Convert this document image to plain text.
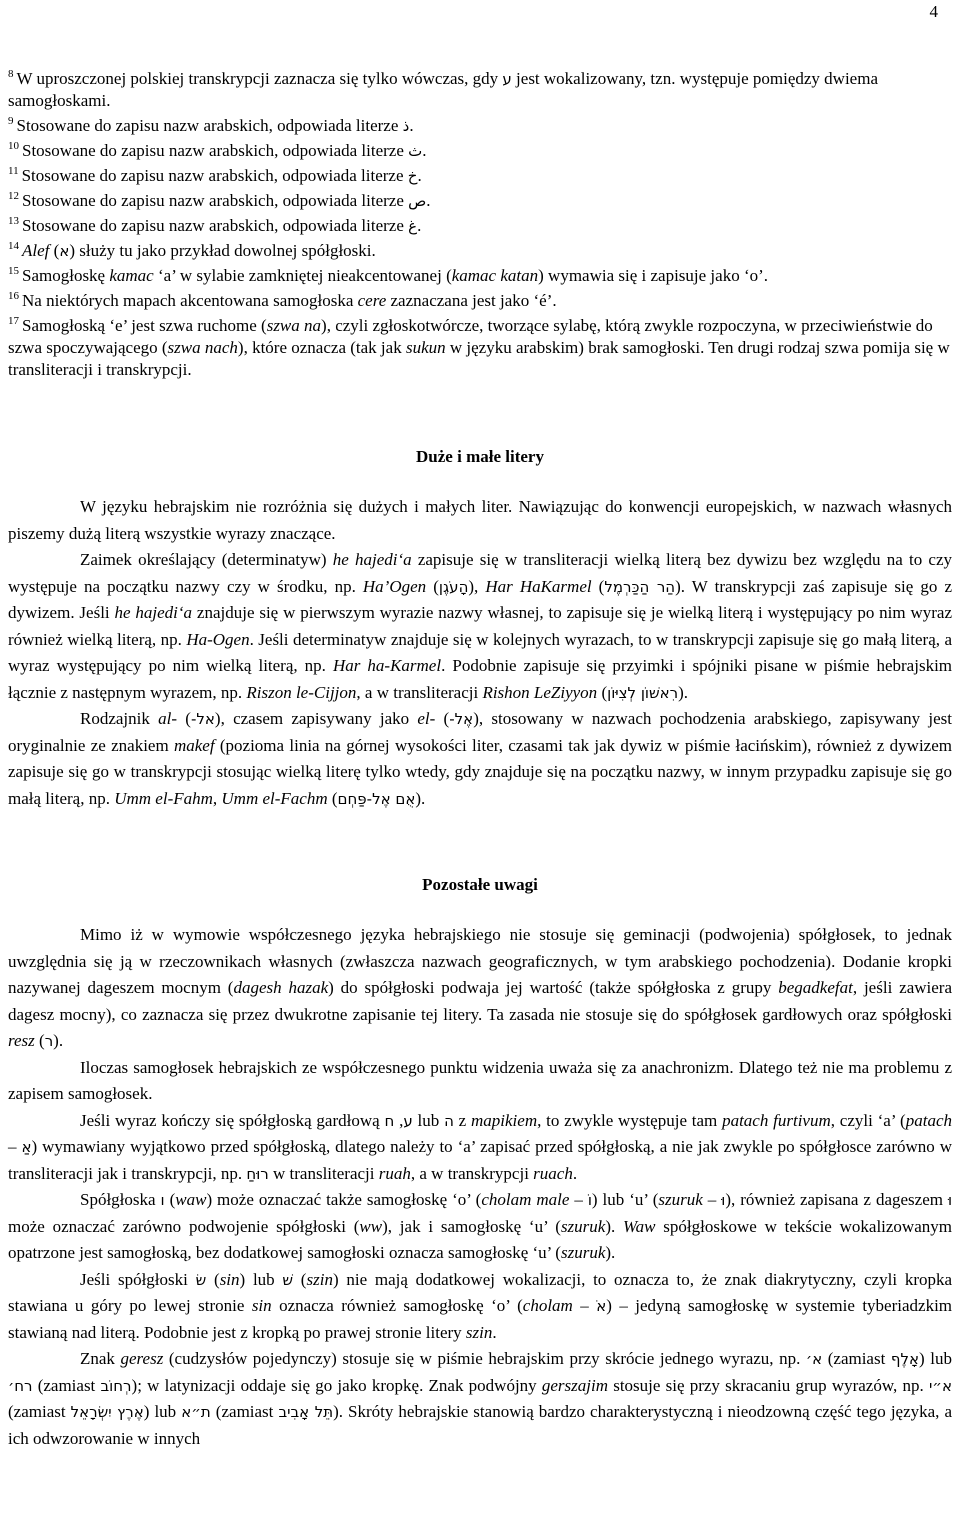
4
$^8$ W uproszczonej polskiej transkrypcji zaznacza się tylko wówczas, gdy ע jest wokalizowany, tzn. występuje pomiędzy dwiema samogłoskami.
$^9$ Stosowane do zapisu nazw arabskich, odpowiada literze ذ.
$^{10}$ Stosowane do zapisu nazw arabskich, odpowiada literze ث.
$^{11}$ Stosowane do zapisu nazw arabskich, odpowiada literze خ.
$^{12}$ Stosowane do zapisu nazw arabskich, odpowiada literze ص.
$^{13}$ Stosowane do zapisu nazw arabskich, odpowiada literze غ.
$^{14}$ Alef (א) służy tu jako przykład dowolnej spółgłoski.
$^{15}$ Samogłoskę kamac ‘a’ w sylabie zamkniętej nieakcentowanej (kamac katan) wymawia się i zapisuje jako ‘o’.
$^{16}$ Na niektórych mapach akcentowana samogłoska cere zaznaczana jest jako ‘é’.
$^{17}$ Samogłoską ‘e’ jest szwa ruchome (szwa na), czyli zgłoskotwórcze, tworzące sylabę, którą zwykle rozpoczyna, w przeciwieństwie do szwa spoczywającego (szwa nach), które oznacza (tak jak sukun w języku arabskim) brak samogłoski. Ten drugi rodzaj szwa pomija się w transliteracji i transkrypcji.
Duże i małe litery

W języku hebrajskim nie rozróżnia się dużych i małych liter. Nawiązując do konwencji europejskich, w nazwach własnych piszemy dużą literą wszystkie wyrazy znaczące.

Zaimek określający (determinatyw) he hajedi‘a zapisuje się w transliteracji wielką literą bez dywizu bez względu na to czy występuje na początku nazwy czy w środku, np. Ha’Ogen (הָעֹגֶן), Har HaKarmel (הַר הַכַּרְמֶל). W transkrypcji zaś zapisuje się go z dywizem. Jeśli he hajedi‘a znajduje się w pierwszym wyrazie nazwy własnej, to zapisuje się je wielką literą i występujący po nim wyraz również wielką literą, np. Ha-Ogen. Jeśli determinatyw znajduje się w kolejnych wyrazach, to w transkrypcji zapisuje się go małą literą, a wyraz występujący po nim wielką literą, np. Har ha-Karmel. Podobnie zapisuje się przyimki i spójniki pisane w piśmie hebrajskim łącznie z następnym wyrazem, np. Riszon le-Cijjon, a w transliteracji Rishon LeZiyyon (רִאשׁוֹן לְצִיּוֹן).

Rodzajnik al- (-אל), czasem zapisywany jako el- (-אֶל), stosowany w nazwach pochodzenia arabskiego, zapisywany jest oryginalnie ze znakiem makef (pozioma linia na górnej wysokości liter, czasami tak jak dywiz w piśmie łacińskim), również z dywizem zapisuje się go w transkrypcji stosując wielką literę tylko wtedy, gdy znajduje się na początku nazwy, w innym przypadku zapisuje się go małą literą, np. Umm el-Fahm, Umm el-Fachm (אֻם אֶל-פַּחְם).

Pozostałe uwagi

Mimo iż w wymowie współczesnego języka hebrajskiego nie stosuje się geminacji (podwojenia) spółgłosek, to jednak uwzględnia się ją w rzeczownikach własnych (zwłaszcza nazwach geograficznych, w tym arabskiego pochodzenia). Dodanie kropki nazywanej dageszem mocnym (dagesh hazak) do spółgłoski podwaja jej wartość (także spółgłoska z grupy begadkefat, jeśli zawiera dagesz mocny), co zaznacza się przez dwukrotne zapisanie tej litery. Ta zasada nie stosuje się do spółgłosek gardłowych oraz spółgłoski resz (ר).

Iloczas samogłosek hebrajskich ze współczesnego punktu widzenia uważa się za anachronizm. Dlatego też nie ma problemu z zapisem samogłosek.

Jeśli wyraz kończy się spółgłoską gardłową ע, ח lub ה z mapikiem, to zwykle występuje tam patach furtivum, czyli ‘a’ (patach – אַ) wymawiany wyjątkowo przed spółgłoską, dlatego należy to ‘a’ zapisać przed spółgłoską, a nie jak zwykle po spółgłosce zarówno w transliteracji jak i transkrypcji, np. רוּחַ w transliteracji ruah, a w transkrypcji ruach.

Spółgłoska ו (waw) może oznaczać także samogłoskę ‘o’ (cholam male – וֹ) lub ‘u’ (szuruk – וּ), również zapisana z dageszem וּ może oznaczać zarówno podwojenie spółgłoski (ww), jak i samogłoskę ‘u’ (szuruk). Waw spółgłoskowe w tekście wokalizowanym opatrzone jest samogłoską, bez dodatkowej samogłoski oznacza samogłoskę ‘u’ (szuruk).

Jeśli spółgłoski שׂ (sin) lub שׁ (szin) nie mają dodatkowej wokalizacji, to oznacza to, że znak diakrytyczny, czyli kropka stawiana u góry po lewej stronie sin oznacza również samogłoskę ‘o’ (cholam – אֹ) – jedyną samogłoskę w systemie tyberiadzkim stawianą nad literą. Podobnie jest z kropką po prawej stronie litery szin.

Znak geresz (cudzysłów pojedynczy) stosuje się w piśmie hebrajskim przy skrócie jednego wyrazu, np. א׳ (zamiast אָלֶף) lub רח׳ (zamiast רְחוֹב); w latynizacji oddaje się go jako kropkę. Znak podwójny gerszajim stosuje się przy skracaniu grup wyrazów, np. א״י (zamiast אֶרֶץ יִשְׂרָאֵל) lub ת״א (zamiast תֵּל אָבִיב). Skróty hebrajskie stanowią bardzo charakterystyczną i nieodzowną część tego języka, a ich odwzorowanie w innych
